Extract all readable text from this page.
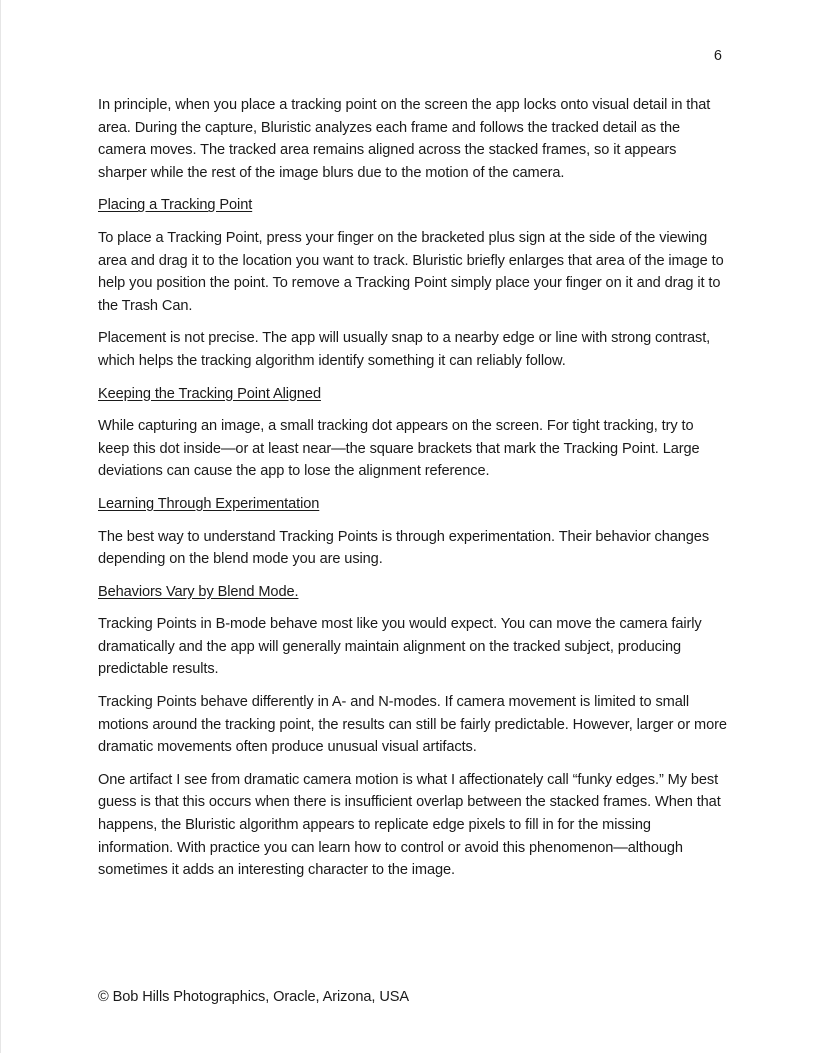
6

In principle, when you place a tracking point on the screen the app locks onto visual detail in that area. During the capture, Bluristic analyzes each frame and follows the tracked detail as the camera moves. The tracked area remains aligned across the stacked frames, so it appears sharper while the rest of the image blurs due to the motion of the camera.

Placing a Tracking Point

To place a Tracking Point, press your finger on the bracketed plus sign at the side of the viewing area and drag it to the location you want to track. Bluristic briefly enlarges that area of the image to help you position the point. To remove a Tracking Point simply place your finger on it and drag it to the Trash Can.

Placement is not precise. The app will usually snap to a nearby edge or line with strong contrast, which helps the tracking algorithm identify something it can reliably follow.

Keeping the Tracking Point Aligned

While capturing an image, a small tracking dot appears on the screen. For tight tracking, try to keep this dot inside—or at least near—the square brackets that mark the Tracking Point. Large deviations can cause the app to lose the alignment reference.

Learning Through Experimentation

The best way to understand Tracking Points is through experimentation. Their behavior changes depending on the blend mode you are using.

Behaviors Vary by Blend Mode.

Tracking Points in B-mode behave most like you would expect. You can move the camera fairly dramatically and the app will generally maintain alignment on the tracked subject, producing predictable results.

Tracking Points behave differently in A- and N-modes. If camera movement is limited to small motions around the tracking point, the results can still be fairly predictable. However, larger or more dramatic movements often produce unusual visual artifacts.

One artifact I see from dramatic camera motion is what I affectionately call “funky edges.” My best guess is that this occurs when there is insufficient overlap between the stacked frames. When that happens, the Bluristic algorithm appears to replicate edge pixels to fill in for the missing information. With practice you can learn how to control or avoid this phenomenon—although sometimes it adds an interesting character to the image.

© Bob Hills Photographics, Oracle, Arizona, USA
